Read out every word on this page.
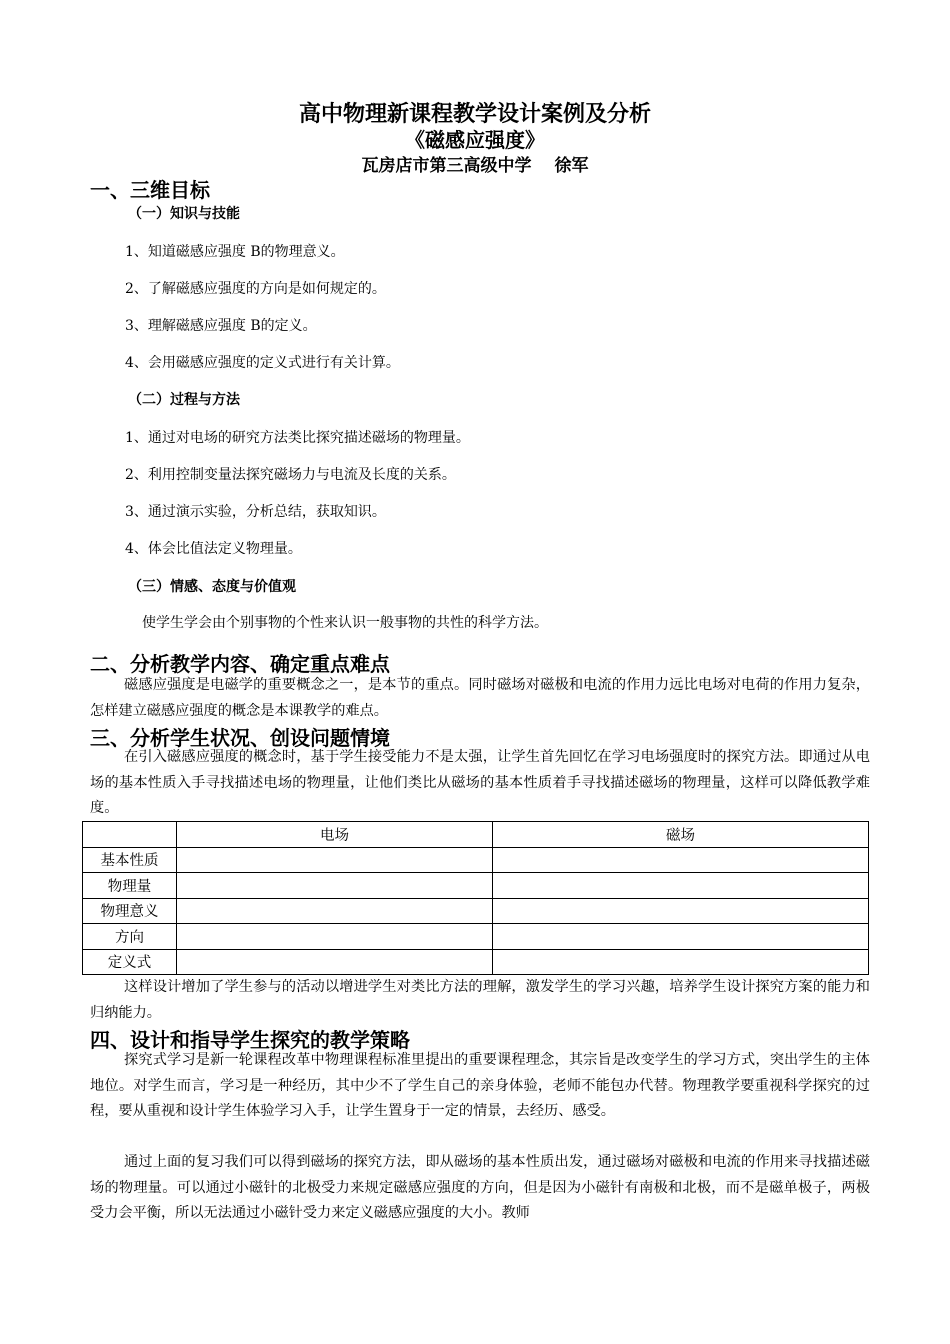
高中物理新课程教学设计案例及分析
《磁感应强度》
瓦房店市第三高级中学　 徐军
一、三维目标
（一）知识与技能
1、知道磁感应强度 B的物理意义。
2、了解磁感应强度的方向是如何规定的。
3、理解磁感应强度 B的定义。
4、会用磁感应强度的定义式进行有关计算。
（二）过程与方法
1、通过对电场的研究方法类比探究描述磁场的物理量。
2、利用控制变量法探究磁场力与电流及长度的关系。
3、通过演示实验，分析总结，获取知识。
4、体会比值法定义物理量。
（三）情感、态度与价值观
使学生学会由个别事物的个性来认识一般事物的共性的科学方法。
二、分析教学内容、确定重点难点
磁感应强度是电磁学的重要概念之一，是本节的重点。同时磁场对磁极和电流的作用力远比电场对电荷的作用力复杂，怎样建立磁感应强度的概念是本课教学的难点。
三、分析学生状况、创设问题情境
在引入磁感应强度的概念时，基于学生接受能力不是太强，让学生首先回忆在学习电场强度时的探究方法。即通过从电场的基本性质入手寻找描述电场的物理量，让他们类比从磁场的基本性质着手寻找描述磁场的物理量，这样可以降低教学难度。
	电场	磁场
基本性质		
物理量		
物理意义		
方向		
定义式		
这样设计增加了学生参与的活动以增进学生对类比方法的理解，激发学生的学习兴趣，培养学生设计探究方案的能力和归纳能力。
四、设计和指导学生探究的教学策略
探究式学习是新一轮课程改革中物理课程标准里提出的重要课程理念，其宗旨是改变学生的学习方式，突出学生的主体地位。对学生而言，学习是一种经历，其中少不了学生自己的亲身体验，老师不能包办代替。物理教学要重视科学探究的过程，要从重视和设计学生体验学习入手，让学生置身于一定的情景，去经历、感受。
通过上面的复习我们可以得到磁场的探究方法，即从磁场的基本性质出发，通过磁场对磁极和电流的作用来寻找描述磁场的物理量。可以通过小磁针的北极受力来规定磁感应强度的方向，但是因为小磁针有南极和北极，而不是磁单极子，两极受力会平衡，所以无法通过小磁针受力来定义磁感应强度的大小。教师
